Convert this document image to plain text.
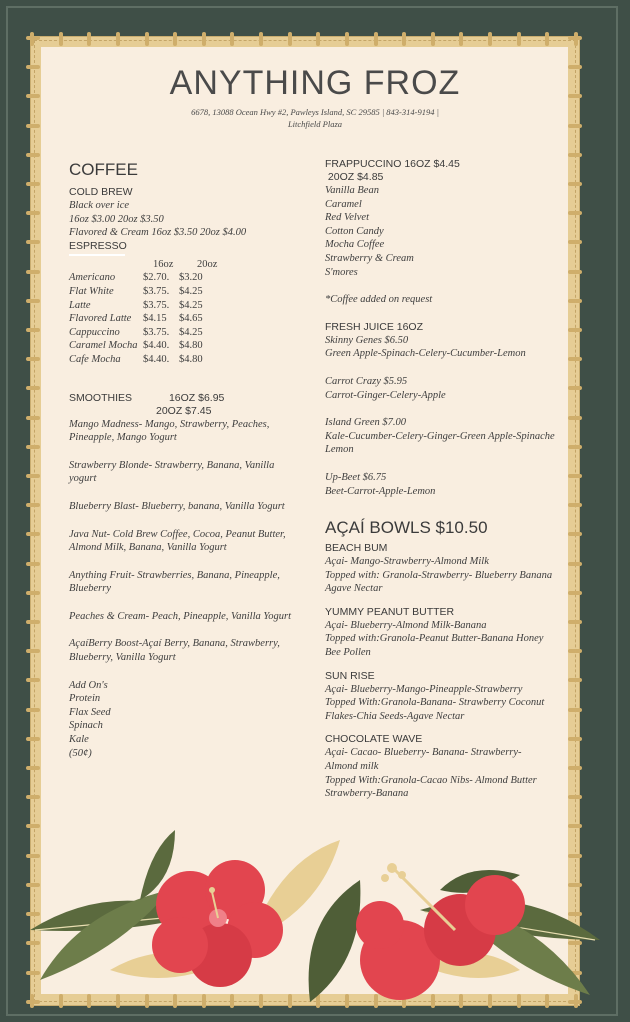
ANYTHING FROZ
6678, 13088 Ocean Hwy #2, Pawleys Island, SC 29585 | 843-314-9194 |
Litchfield Plaza
COFFEE
COLD BREW
Black over ice
16oz $3.00 20oz $3.50
Flavored & Cream 16oz $3.50 20oz $4.00
ESPRESSO
16oz	20oz
Americano	$2.70. $3.20
Flat White	$3.75. $4.25
Latte	$3.75. $4.25
Flavored Latte	$4.15	$4.65
Cappuccino	$3.75. $4.25
Caramel Mocha $4.40. $4.80
Cafe Mocha	$4.40. $4.80
SMOOTHIES	16OZ $6.95
20OZ $7.45
Mango Madness- Mango, Strawberry, Peaches, Pineapple, Mango Yogurt
Strawberry Blonde- Strawberry, Banana, Vanilla yogurt
Blueberry Blast- Blueberry, banana, Vanilla Yogurt
Java Nut- Cold Brew Coffee, Cocoa, Peanut Butter, Almond Milk, Banana, Vanilla Yogurt
Anything Fruit- Strawberries, Banana, Pineapple, Blueberry
Peaches & Cream- Peach, Pineapple, Vanilla Yogurt
AçaíBerry Boost-Açaí Berry, Banana, Strawberry, Blueberry, Vanilla Yogurt
Add On's
Protein
Flax Seed
Spinach
Kale
(50¢)
FRAPPUCCINO 16OZ $4.45
20OZ $4.85
Vanilla Bean
Caramel
Red Velvet
Cotton Candy
Mocha Coffee
Strawberry & Cream
S'mores
*Coffee added on request
FRESH JUICE 16OZ
Skinny Genes $6.50
Green Apple-Spinach-Celery-Cucumber-Lemon
Carrot Crazy $5.95
Carrot-Ginger-Celery-Apple
Island Green $7.00
Kale-Cucumber-Celery-Ginger-Green Apple-Spinache Lemon
Up-Beet $6.75
Beet-Carrot-Apple-Lemon
AÇAÍ BOWLS $10.50
BEACH BUM
Açai- Mango-Strawberry-Almond Milk
Topped with: Granola-Strawberry- Blueberry Banana Agave Nectar
YUMMY PEANUT BUTTER
Açai- Blueberry-Almond Milk-Banana
Topped with:Granola-Peanut Butter-Banana Honey Bee Pollen
SUN RISE
Açai- Blueberry-Mango-Pineapple-Strawberry
Topped With:Granola-Banana- Strawberry Coconut Flakes-Chia Seeds-Agave Nectar
CHOCOLATE WAVE
Açai- Cacao- Blueberry- Banana- Strawberry- Almond milk
Topped With:Granola-Cacao Nibs- Almond Butter Strawberry-Banana
